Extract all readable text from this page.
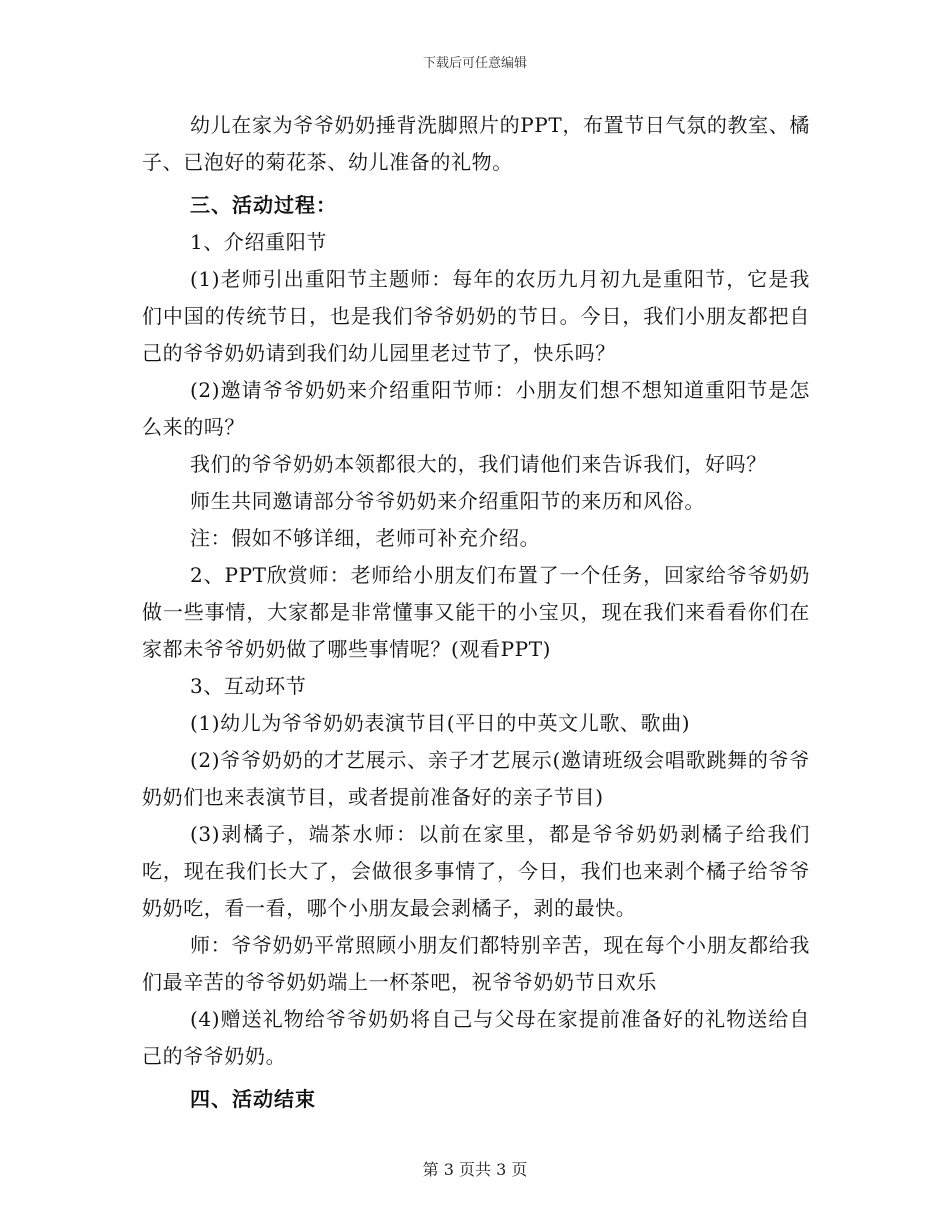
下载后可任意编辑

幼儿在家为爷爷奶奶捶背洗脚照片的PPT，布置节日气氛的教室、橘子、已泡好的菊花茶、幼儿准备的礼物。

三、活动过程：

1、介绍重阳节

(1)老师引出重阳节主题师：每年的农历九月初九是重阳节，它是我们中国的传统节日，也是我们爷爷奶奶的节日。今日，我们小朋友都把自己的爷爷奶奶请到我们幼儿园里老过节了，快乐吗？

(2)邀请爷爷奶奶来介绍重阳节师：小朋友们想不想知道重阳节是怎么来的吗？

我们的爷爷奶奶本领都很大的，我们请他们来告诉我们，好吗？

师生共同邀请部分爷爷奶奶来介绍重阳节的来历和风俗。

注：假如不够详细，老师可补充介绍。

2、PPT欣赏师：老师给小朋友们布置了一个任务，回家给爷爷奶奶做一些事情，大家都是非常懂事又能干的小宝贝，现在我们来看看你们在家都未爷爷奶奶做了哪些事情呢？(观看PPT)

3、互动环节

(1)幼儿为爷爷奶奶表演节目(平日的中英文儿歌、歌曲)

(2)爷爷奶奶的才艺展示、亲子才艺展示(邀请班级会唱歌跳舞的爷爷奶奶们也来表演节目，或者提前准备好的亲子节目)

(3)剥橘子，端茶水师：以前在家里，都是爷爷奶奶剥橘子给我们吃，现在我们长大了，会做很多事情了，今日，我们也来剥个橘子给爷爷奶奶吃，看一看，哪个小朋友最会剥橘子，剥的最快。

师：爷爷奶奶平常照顾小朋友们都特别辛苦，现在每个小朋友都给我们最辛苦的爷爷奶奶端上一杯茶吧，祝爷爷奶奶节日欢乐

(4)赠送礼物给爷爷奶奶将自己与父母在家提前准备好的礼物送给自己的爷爷奶奶。

四、活动结束

第 3 页共 3 页
